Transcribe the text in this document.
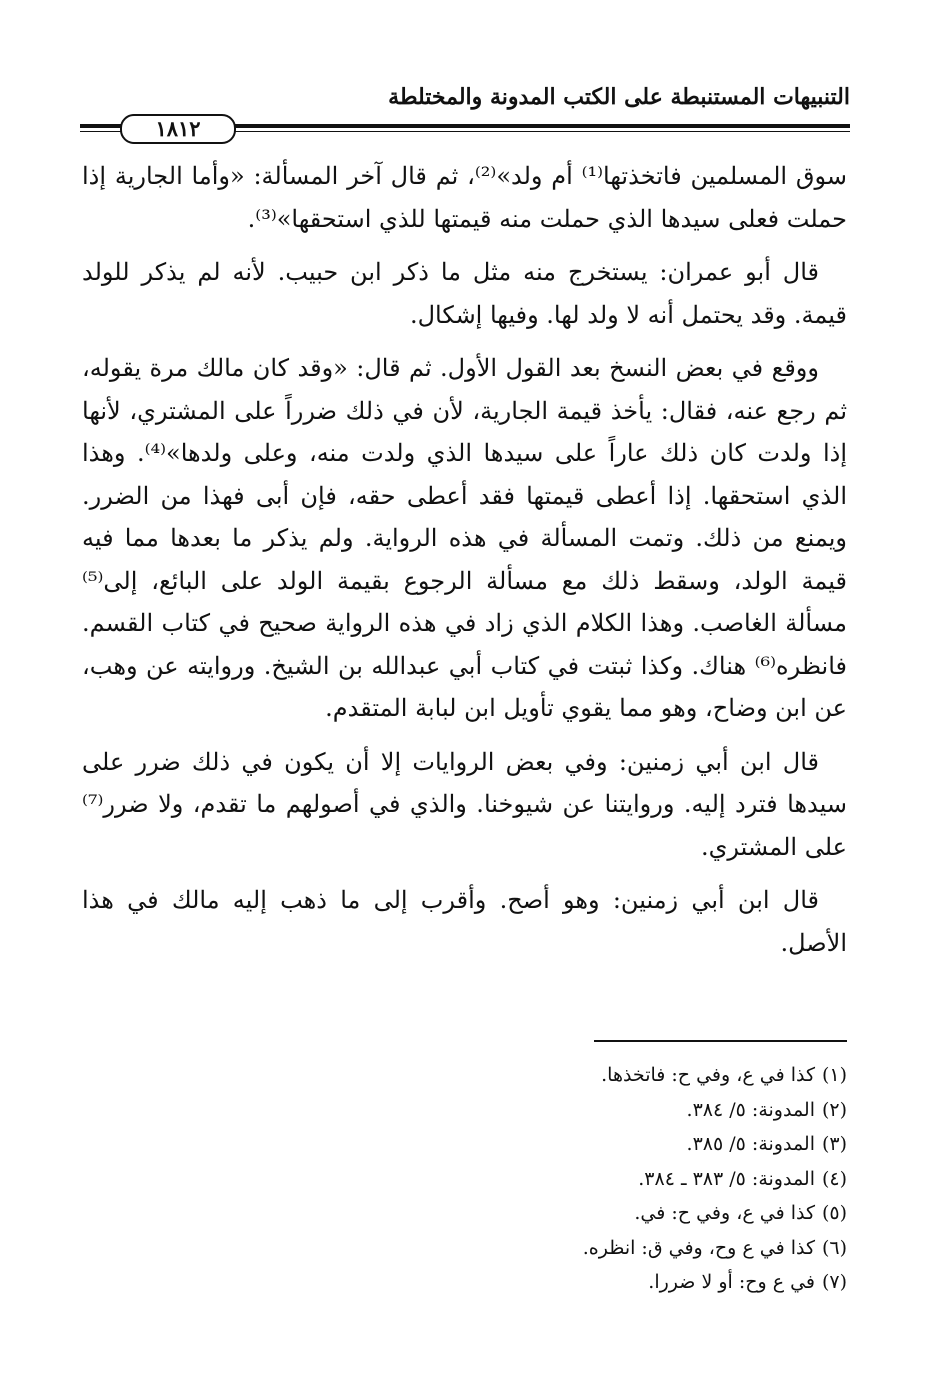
التنبيهات المستنبطة على الكتب المدونة والمختلطة
١٨١٢

سوق المسلمين فاتخذتها⁽¹⁾ أم ولد»⁽²⁾، ثم قال آخر المسألة: «وأما الجارية إذا حملت فعلى سيدها الذي حملت منه قيمتها للذي استحقها»⁽³⁾.

قال أبو عمران: يستخرج منه مثل ما ذكر ابن حبيب. لأنه لم يذكر للولد قيمة. وقد يحتمل أنه لا ولد لها. وفيها إشكال.

ووقع في بعض النسخ بعد القول الأول. ثم قال: «وقد كان مالك مرة يقوله، ثم رجع عنه، فقال: يأخذ قيمة الجارية، لأن في ذلك ضرراً على المشتري، لأنها إذا ولدت كان ذلك عاراً على سيدها الذي ولدت منه، وعلى ولدها»⁽⁴⁾. وهذا الذي استحقها. إذا أعطى قيمتها فقد أعطى حقه، فإن أبى فهذا من الضرر. ويمنع من ذلك. وتمت المسألة في هذه الرواية. ولم يذكر ما بعدها مما فيه قيمة الولد، وسقط ذلك مع مسألة الرجوع بقيمة الولد على البائع، إلى⁽⁵⁾ مسألة الغاصب. وهذا الكلام الذي زاد في هذه الرواية صحيح في كتاب القسم. فانظره⁽⁶⁾ هناك. وكذا ثبتت في كتاب أبي عبدالله بن الشيخ. وروايته عن وهب، عن ابن وضاح، وهو مما يقوي تأويل ابن لبابة المتقدم.

قال ابن أبي زمنين: وفي بعض الروايات إلا أن يكون في ذلك ضرر على سيدها فترد إليه. وروايتنا عن شيوخنا. والذي في أصولهم ما تقدم، ولا ضرر⁽⁷⁾ على المشتري.

قال ابن أبي زمنين: وهو أصح. وأقرب إلى ما ذهب إليه مالك في هذا الأصل.

(١)كذا في ع، وفي ح: فاتخذها.
(٢)المدونة: ٥/ ٣٨٤.
(٣)المدونة: ٥/ ٣٨٥.
(٤)المدونة: ٥/ ٣٨٣ ـ ٣٨٤.
(٥)كذا في ع، وفي ح: في.
(٦)كذا في ع وح، وفي ق: انظره.
(٧)في ع وح: أو لا ضررا.
